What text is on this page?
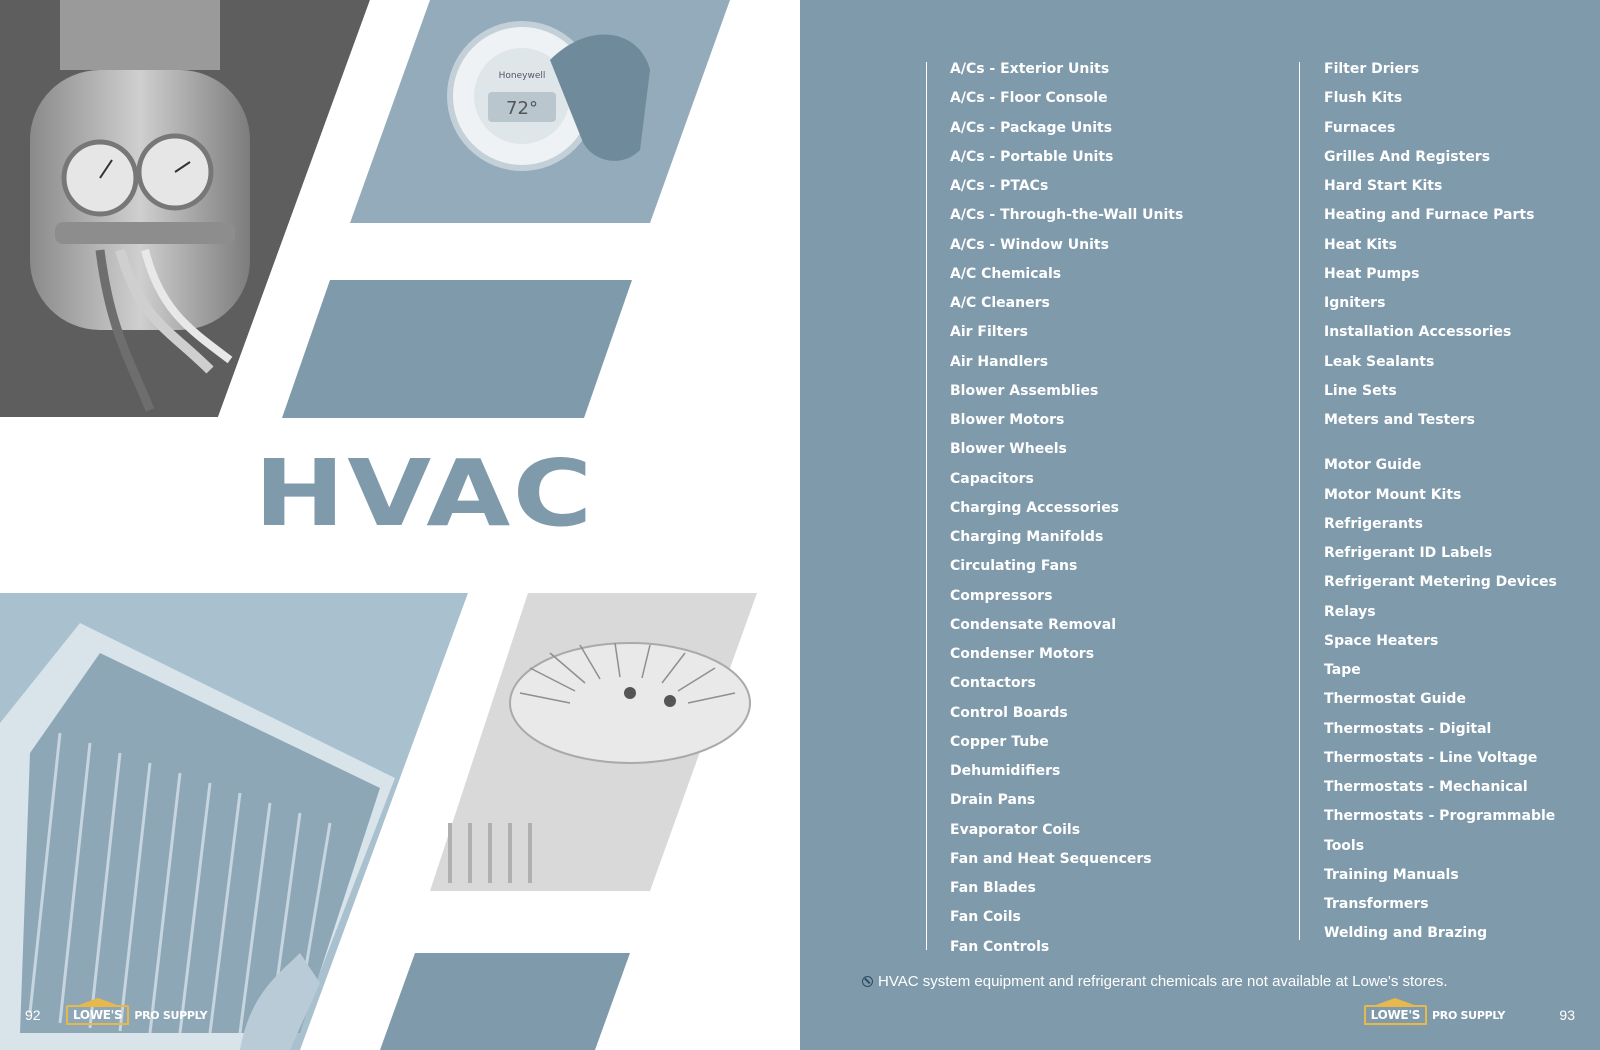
72°
Honeywell
HVAC
92	LOWE'S	PRO SUPPLY
A/Cs - Exterior Units
A/Cs - Floor Console
A/Cs - Package Units
A/Cs - Portable Units
A/Cs - PTACs
A/Cs - Through-the-Wall Units
A/Cs - Window Units
A/C Chemicals
A/C Cleaners
Air Filters
Air Handlers
Blower Assemblies
Blower Motors
Blower Wheels
Capacitors
Charging Accessories
Charging Manifolds
Circulating Fans
Compressors
Condensate Removal
Condenser Motors
Contactors
Control Boards
Copper Tube
Dehumidifiers
Drain Pans
Evaporator Coils
Fan and Heat Sequencers
Fan Blades
Fan Coils
Fan Controls
Filter Driers
Flush Kits
Furnaces
Grilles And Registers
Hard Start Kits
Heating and Furnace Parts
Heat Kits
Heat Pumps
Igniters
Installation Accessories
Leak Sealants
Line Sets
Meters and Testers
Motor Guide
Motor Mount Kits
Refrigerants
Refrigerant ID Labels
Refrigerant Metering Devices
Relays
Space Heaters
Tape
Thermostat Guide
Thermostats - Digital
Thermostats - Line Voltage
Thermostats - Mechanical
Thermostats - Programmable
Tools
Training Manuals
Transformers
Welding and Brazing
93
LOWE'S	PRO SUPPLY
HVAC system equipment and refrigerant chemicals are not available at Lowe's stores.
